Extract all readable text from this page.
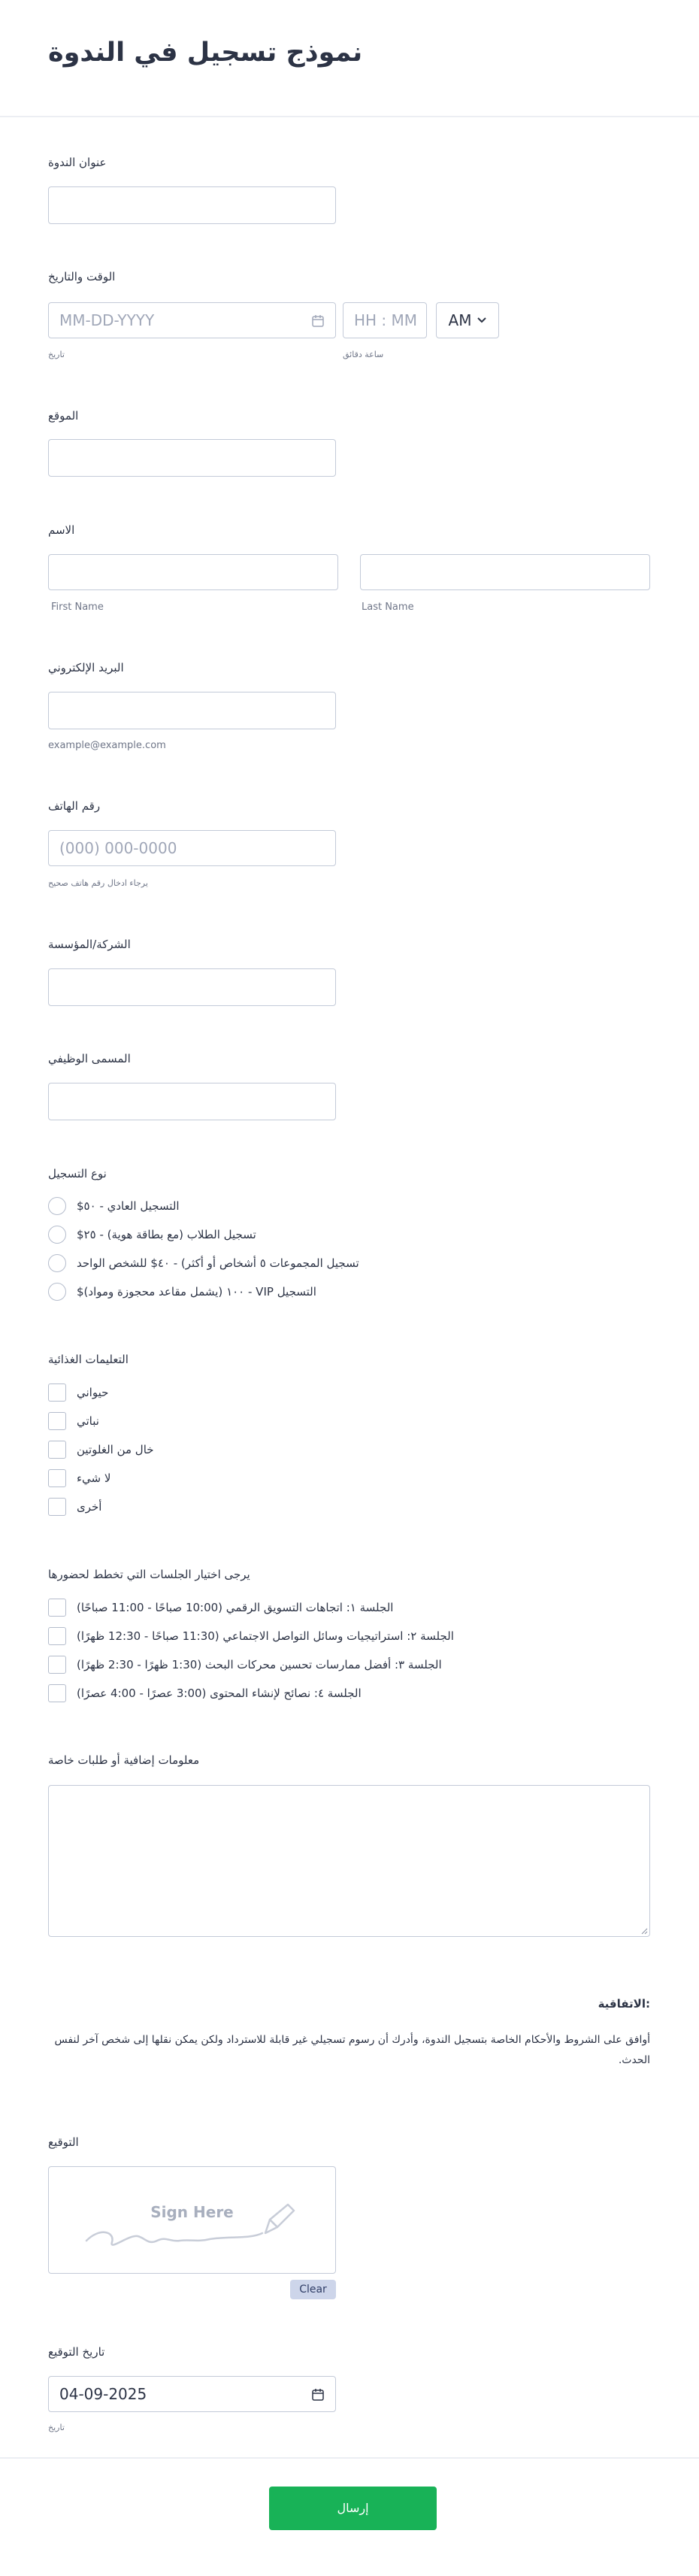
نموذج تسجيل في الندوة
عنوان الندوة
الوقت والتاريخ
MM-DD-YYYY	HH : MM	AM
تاريخ	ساعة دقائق
الموقع
الاسم
First Name	Last Name
البريد الإلكتروني
example@example.com
رقم الهاتف
(000) 000-0000
يرجاء ادخال رقم هاتف صحيح
الشركة/المؤسسة
المسمى الوظيفي
نوع التسجيل
$التسجيل العادي - ٥٠
$تسجيل الطلاب (مع بطاقة هوية) - ٢٥
تسجيل المجموعات ٥ أشخاص أو أكثر) - ٤٠$ للشخص الواحد
$١٠٠ (يشمل مقاعد محجوزة ومواد) - VIP التسجيل
التعليمات الغذائية
حيواني
نباتي
خال من الغلوتين
لا شيء
أخرى
يرجى اختيار الجلسات التي تخطط لحضورها
الجلسة ١: اتجاهات التسويق الرقمي (10:00 صباحًا - 11:00 صباحًا)
الجلسة ٢: استراتيجيات وسائل التواصل الاجتماعي (11:30 صباحًا - 12:30 ظهرًا)
الجلسة ٣: أفضل ممارسات تحسين محركات البحث (1:30 ظهرًا - 2:30 ظهرًا)
الجلسة ٤: نصائح لإنشاء المحتوى (3:00 عصرًا - 4:00 عصرًا)
معلومات إضافية أو طلبات خاصة
:الاتفاقية
أوافق على الشروط والأحكام الخاصة بتسجيل الندوة، وأدرك أن رسوم تسجيلي غير قابلة للاسترداد ولكن يمكن نقلها إلى شخص آخر لنفس الحدث.
التوقيع
Sign Here
Clear
تاريخ التوقيع
04-09-2025
تاريخ
إرسال
